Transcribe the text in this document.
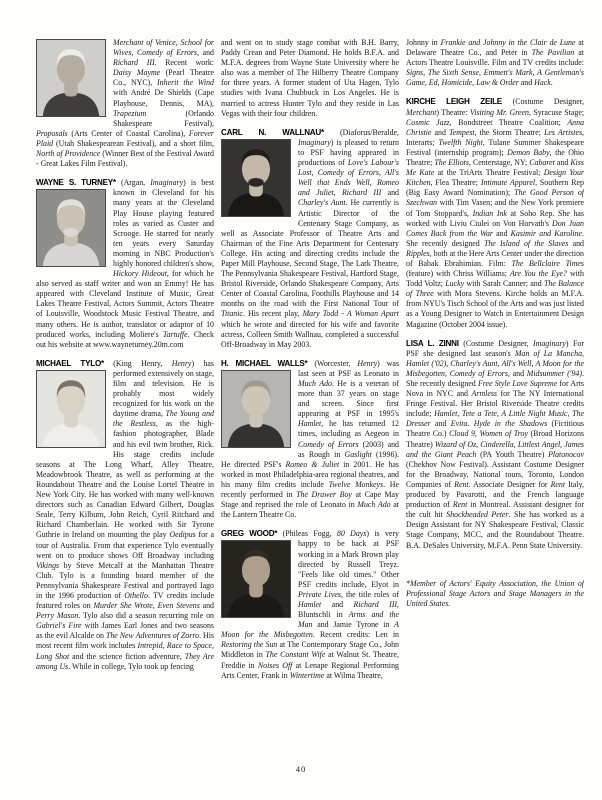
Merchant of Venice, School for Wives, Comedy of Errors, and Richard III. Recent work: Daisy Mayme (Pearl Theatre Co., NYC), Inherit the Wind with André De Shields (Cape Playhouse, Dennis, MA), Trapezium (Orlando Shakespeare Festival), Proposals (Arts Center of Coastal Carolina), Forever Plaid (Utah Shakespearean Festival), and a short film, North of Providence (Winner Best of the Festival Award - Great Lakes Film Festival).
WAYNE S. TURNEY* (Argan, Imaginary) is best
known in Cleveland for his many years at the Cleveland Play House playing featured roles as varied as Custer and Scrooge. He starred for nearly ten years every Saturday morning in NBC Production's highly honored children's show, Hickory Hideout, for which he also served as staff writer and won an Emmy! He has appeared with Cleveland Institute of Music, Great Lakes Theatre Festival, Actors Summit, Actors Theatre of Louisville, Woodstock Music Festival Theatre, and many others. He is author, translator or adaptor of 10 produced works, including Moliere's Tartuffe. Check out his website at www.wayneturney.20m.com
MICHAEL TYLO* (King Henry, Henry) has
performed extensively on stage, film and television. He is probably most widely recognized for his work on the daytime drama, The Young and the Restless, as the high-fashion photographer, Blade and his evil twin brother, Rick. His stage credits include seasons at The Long Wharf, Alley Theatre, Meadowbrook Theatre, as well as performing at the Roundabout Theatre and the Louise Lortel Theatre in New York City. He has worked with many well-known directors such as Canadian Edward Gilbert, Douglas Seale, Terry Kilburn, John Reich, Cyril Ritchard and Richard Chamberlain. He worked with Sir Tyrone Guthrie in Ireland on mounting the play Oedipus for a tour of Australia. From that experience Tylo eventually went on to produce shows Off Broadway including Vikings by Steve Metcalf at the Manhattan Theatre Club. Tylo is a founding board member of the Pennsylvania Shakespeare Festival and portrayed Iago in the 1996 production of Othello. TV credits include featured roles on Murder She Wrote, Even Stevens and Perry Mason. Tylo also did a season recurring role on Gabriel's Fire with James Earl Jones and two seasons as the evil Alcalde on The New Adventures of Zorro. His most recent film work includes Intrepid, Race to Space, Long Shot and the science fiction adventure, They Are among Us. While in college, Tylo took up fencing
and went on to study stage combat with B.H. Barry, Paddy Crean and Peter Diamond. He holds B.F.A. and M.F.A. degrees from Wayne State University where he also was a member of The Hilberry Theatre Company for three years. A former student of Uta Hagen, Tylo studies with Ivana Chubbuck in Los Angeles. He is married to actress Hunter Tylo and they reside in Las Vegas with their four children.
CARL N. WALLNAU* (Diaforus/Beralde,
Imaginary) is pleased to return to PSF having appeared in productions of Love's Labour's Lost, Comedy of Errors, All's Well that Ends Well, Romeo and Juliet, Richard III and Charley's Aunt. He currently is Artistic Director of the Centenary Stage Company, as well as Associate Professor of Theatre Arts and Chairman of the Fine Arts Department for Centenary College. His acting and directing credits include the Paper Mill Playhouse, Second Stage, The Lark Theatre, The Pennsylvania Shakespeare Festival, Hartford Stage, Bristol Riverside, Orlando Shakespeare Company, Arts Center of Coastal Carolina, Foothills Playhouse and 14 months on the road with the First National Tour of Titanic. His recent play, Mary Todd - A Woman Apart which he wrote and directed for his wife and favorite actress, Colleen Smith Wallnau, completed a successful Off-Broadway in May 2003.
H. MICHAEL WALLS* (Worcester, Henry) was
last seen at PSF as Leonato in Much Ado. He is a veteran of more than 37 years on stage and screen. Since first appearing at PSF in 1995's Hamlet, he has returned 12 times, including as Aegeon in Comedy of Errors (2003) and as Rough in Gaslight (1996). He directed PSF's Romeo & Juliet in 2001. He has worked in most Philadelphia-area regional theatres, and his many film credits include Twelve Monkeys. He recently performed in The Drawer Boy at Cape May Stage and reprised the role of Leonato in Much Ado at the Lantern Theatre Co.
GREG WOOD* (Phileas Fogg, 80 Days) is very
happy to be back at PSF working in a Mark Brown play directed by Russell Treyz. "Feels like old times." Other PSF credits include, Elyot in Private Lives, the title roles of Hamlet and Richard III, Bluntschli in Arms and the Man and Jamie Tyrone in A Moon for the Misbegotten. Recent credits: Len in Restoring the Sun at The Contemporary Stage Co., John Middleton in The Constant Wife at Walnut St. Theatre, Freddie in Noises Off at Lenape Regional Performing Arts Center, Frank in Wintertime at Wilma Theatre,
Johnny in Frankie and Johnny in the Clair de Lune at Delaware Theatre Co., and Peter in The Pavilion at Actors Theatre Louisville. Film and TV credits include: Signs, The Sixth Sense, Emmett's Mark, A Gentleman's Game, Ed, Homicide, Law & Order and Hack.
KIRCHE LEIGH ZEILE (Costume Designer, Merchant) Theatre: Visiting Mr. Green, Syracuse Stage; Cosmic Jazz, Bondstreet Theatre Coalition; Anna Christie and Tempest, the Storm Theatre; Les Artistes, Interarts; Twelfth Night, Tulane Summer Shakespeare Festival (internship program); Demon Baby, the Ohio Theatre; The Elliots, Centerstage, NY; Cabaret and Kiss Me Kate at the TriArts Theatre Festival; Design Your Kitchen, Flea Theatre; Intimate Apparel, Southern Rep (Big Easy Award Nomination); The Good Person of Szechwan with Tim Vasen; and the New York premiere of Tom Stoppard's, Indian Ink at Soho Rep. She has worked with Liviu Ciulei on Von Horvath's Don Juan Comes Back from the War and Kasimir and Karoline. She recently designed The Island of the Slaves and Ripples, both at the Here Arts Center under the direction of Babak Ebrahimian. Film: The Bellclaire Times (feature) with Chriss Williams; Are You the Eye? with Todd Voltz; Lucky with Sarah Canner; and The Balance of Three with Mora Stevens. Kirche holds an M.F.A. from NYU's Tisch School of the Arts and was just listed as a Young Designer to Watch in Entertainment Design Magazine (October 2004 issue).
LISA L. ZINNI (Costume Designer, Imaginary) For PSF she designed last season's Man of La Mancha, Hamlet ('02), Charley's Aunt, All's Well, A Moon for the Misbegotten, Comedy of Errors, and Midsummer ('94). She recently designed Free Style Love Supreme for Arts Nova in NYC and Armless for The NY International Fringe Festival. Her Bristol Riverside Theatre credits include; Hamlet, Tete a Tete, A Little Night Music, The Dresser and Evita. Hyde in the Shadows (Fictitious Theatre Co.) Cloud 9, Women of Troy (Broad Horizons Theatre) Wizard of Oz, Cinderella, Littlest Angel, James and the Giant Peach (PA Youth Theatre) Platonocov (Chekhov Now Festival). Assistant Costume Designer for the Broadway, National tours, Toronto, London Companies of Rent. Associate Designer for Rent Italy, produced by Pavarotti, and the French language production of Rent in Montreal. Assistant designer for the cult hit Shockheaded Peter. She has worked as a Design Assistant for NY Shakespeare Festival, Classic Stage Company, MCC, and the Roundabout Theatre. B.A. DeSales University, M.F.A. Penn State University.
*Member of Actors' Equity Association, the Union of Professional Stage Actors and Stage Managers in the United States.
40
